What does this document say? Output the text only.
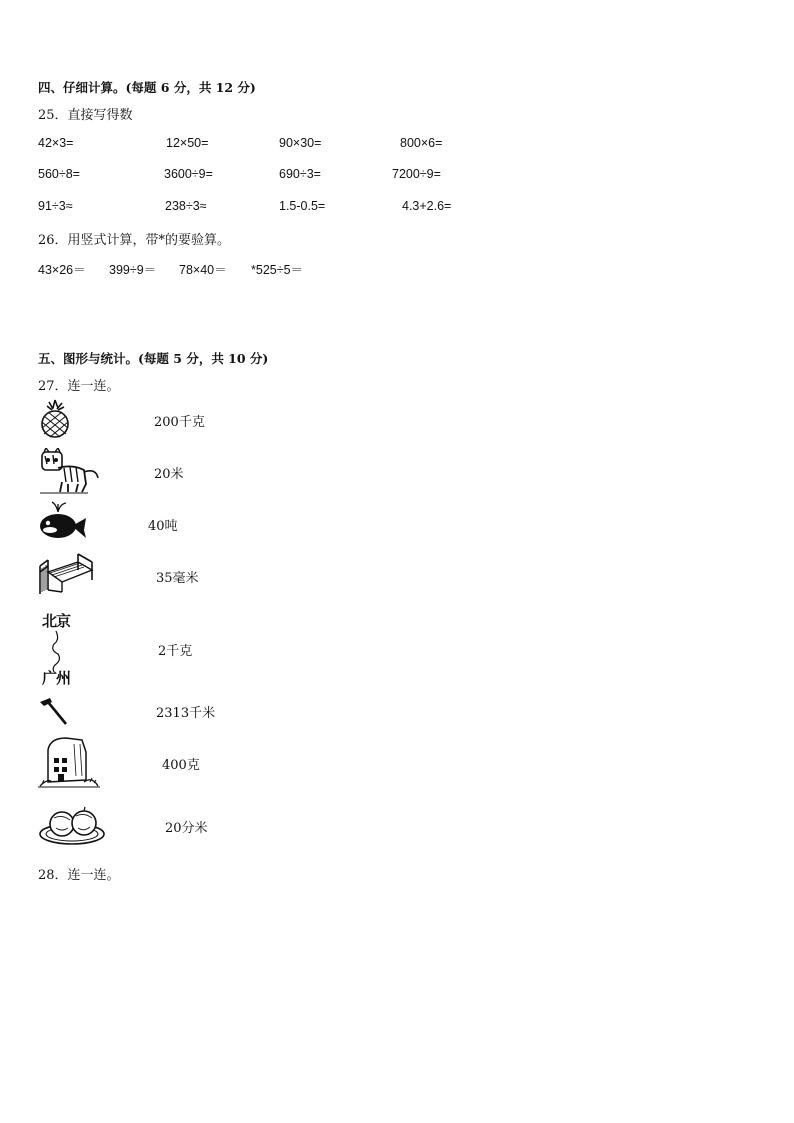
四、仔细计算。(每题 6 分，共 12 分)
25．直接写得数
42×3=	12×50=	90×30=	800×6=
560÷8=	3600÷9=	690÷3=	7200÷9=
91÷3≈	238÷3≈	1.5-0.5=	4.3+2.6=
26．用竖式计算，带*的要验算。
43×26＝ 399÷9＝ 78×40＝ *525÷5＝
五、图形与统计。(每题 5 分，共 10 分)
27．连一连。
北京
广州
200千克
20米
40吨
35毫米
2千克
2313千米
400克
20分米
28．连一连。
